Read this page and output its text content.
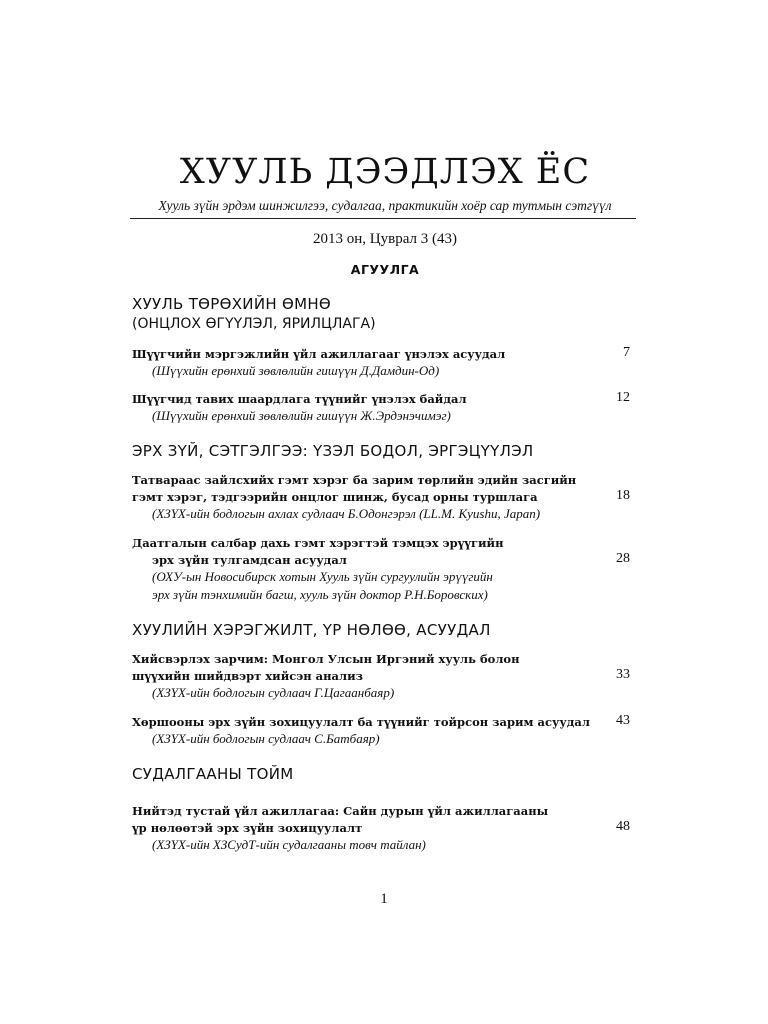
ХУУЛЬ ДЭЭДЛЭХ ЁС
Хууль зүйн эрдэм шинжилгээ, судалгаа, практикийн хоёр сар тутмын сэтгүүл
2013 он, Цуврал 3 (43)
АГУУЛГА
ХУУЛЬ ТӨРӨХИЙН ӨМНӨ
(ОНЦЛОХ ӨГҮҮЛЭЛ, ЯРИЛЦЛАГА)
Шүүгчийн мэргэжлийн үйл ажиллагааг үнэлэх асуудал	7
(Шүүхийн ерөнхий зөвлөлийн гишүүн Д.Дамдин-Од)
Шүүгчид тавих шаардлага түүнийг үнэлэх байдал	12
(Шүүхийн ерөнхий зөвлөлийн гишүүн Ж.Эрдэнэчимэг)
ЭРХ ЗҮЙ, СЭТГЭЛГЭЭ: ҮЗЭЛ БОДОЛ, ЭРГЭЦҮҮЛЭЛ
Татвараас зайлсхийх гэмт хэрэг ба зарим төрлийн эдийн засгийн
гэмт хэрэг, тэдгээрийн онцлог шинж, бусад орны туршлага	18
(ХЗҮХ-ийн бодлогын ахлах судлаач Б.Одонгэрэл (LL.M. Kyushu, Japan)
Даатгалын салбар дахь гэмт хэрэгтэй тэмцэх эрүүгийн
эрх зүйн тулгамдсан асуудал	28
(ОХУ-ын Новосибирск хотын Хууль зүйн сургуулийн эрүүгийн
эрх зүйн тэнхимийн багш, хууль зүйн доктор Р.Н.Боровских)
ХУУЛИЙН ХЭРЭГЖИЛТ, ҮР НӨЛӨӨ, АСУУДАЛ
Хийсвэрлэх зарчим: Монгол Улсын Иргэний хууль болон
шүүхийн шийдвэрт хийсэн анализ	33
(ХЗҮХ-ийн бодлогын судлаач Г.Цагаанбаяр)
Хөршооны эрх зүйн зохицуулалт ба түүнийг тойрсон зарим асуудал	43
(ХЗҮХ-ийн бодлогын судлаач С.Батбаяр)
СУДАЛГААНЫ ТОЙМ
Нийтэд тустай үйл ажиллагаа: Сайн дурын үйл ажиллагааны
үр нөлөөтэй эрх зүйн зохицуулалт	48
(ХЗҮХ-ийн ХЗСудТ-ийн судалгааны товч тайлан)
1
